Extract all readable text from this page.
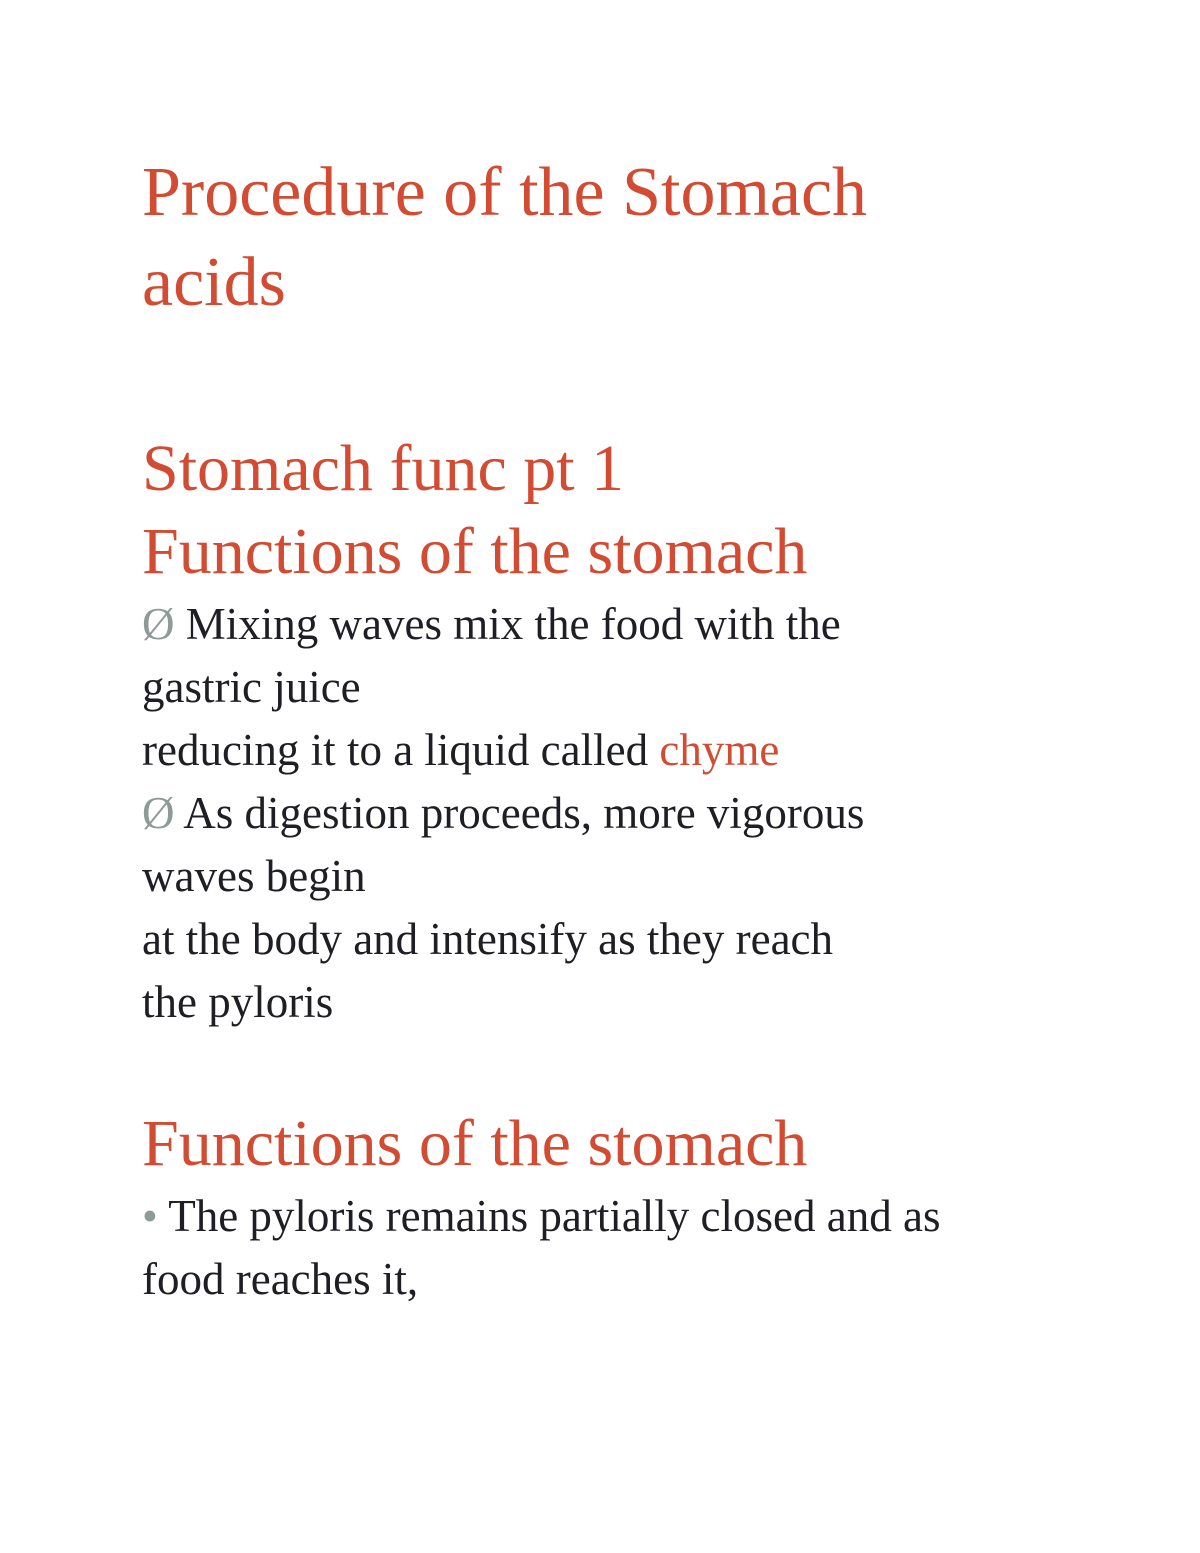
Procedure of the Stomach
acids
Stomach func pt 1
Functions of the stomach

Ø Mixing waves mix the food with the

gastric juice

reducing it to a liquid called chyme

Ø As digestion proceeds, more vigorous

waves begin

at the body and intensify as they reach

the pyloris

Functions of the stomach

• The pyloris remains partially closed and as

food reaches it,
